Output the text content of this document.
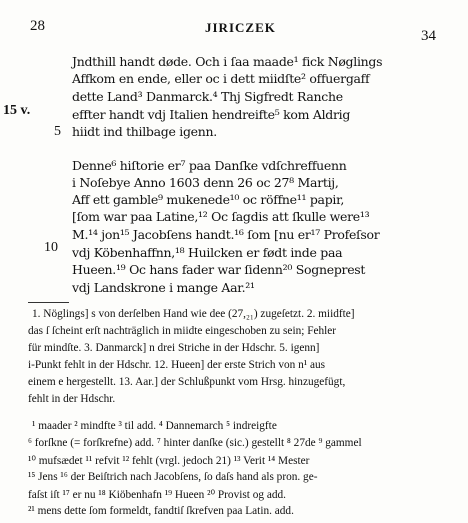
28	JIRICZEK
34
15 v.
5
10
Jndthill handt døde. Och i ſaa maade¹ fick Nøglings
Affkom en ende, eller oc i dett miidſte² offuergaff
dette Land³ Danmarck.⁴ Thj Sigfredt Ranche
effter handt vdj Italien hendreifte⁵ kom Aldrig
hiidt ind thilbage igenn.
Denne⁶ hiſtorie er⁷ paa Danſke vdſchreffuenn
i Noſebye Anno 1603 denn 26 oc 27⁸ Martij,
Aff ett gamble⁹ mukenede¹⁰ oc röffne¹¹ papir,
[ſom war paa Latine,¹² Oc ſagdis att ſkulle were¹³
M.¹⁴ jon¹⁵ Jacobſens handt.¹⁶ ſom [nu er¹⁷ Profeſsor
vdj Köbenhaffnn,¹⁸ Huilcken er født inde paa
Hueen.¹⁹ Oc hans fader war ſidenn²⁰ Sogneprest
vdj Landskrone i mange Aar.²¹
1. Nöglings] s von derſelben Hand wie dee (27,₂₁) zugeſetzt. 2. miidfte]
das ſ ſcheint erſt nachträglich in miidte eingeschoben zu sein; Fehler
für mindſte. 3. Danmarck] n drei Striche in der Hdschr. 5. igenn]
i-Punkt fehlt in der Hdschr. 12. Hueen] der erste Strich von n¹ aus
einem e hergestellt. 13. Aar.] der Schlußpunkt vom Hrsg. hinzugefügt,
fehlt in der Hdschr.
¹ maader ² mindfte ³ til add. ⁴ Dannemarch ⁵ indreigfte
⁶ forſkne (= forſkrefne) add. ⁷ hinter danſke (sic.) gestellt ⁸ 27de ⁹ gammel
¹⁰ mufsædet ¹¹ refvit ¹² fehlt (vrgl. jedoch 21) ¹³ Verit ¹⁴ Mester
¹⁵ Jens ¹⁶ der Beiſtrich nach Jacobſens, ſo daſs hand als pron. ge-
faſst iſt ¹⁷ er nu ¹⁸ Kiöbenhafn ¹⁹ Hueen ²⁰ Provist og add.
²¹ mens dette ſom formeldt, fandtiſ ſkrefven paa Latin. add.
